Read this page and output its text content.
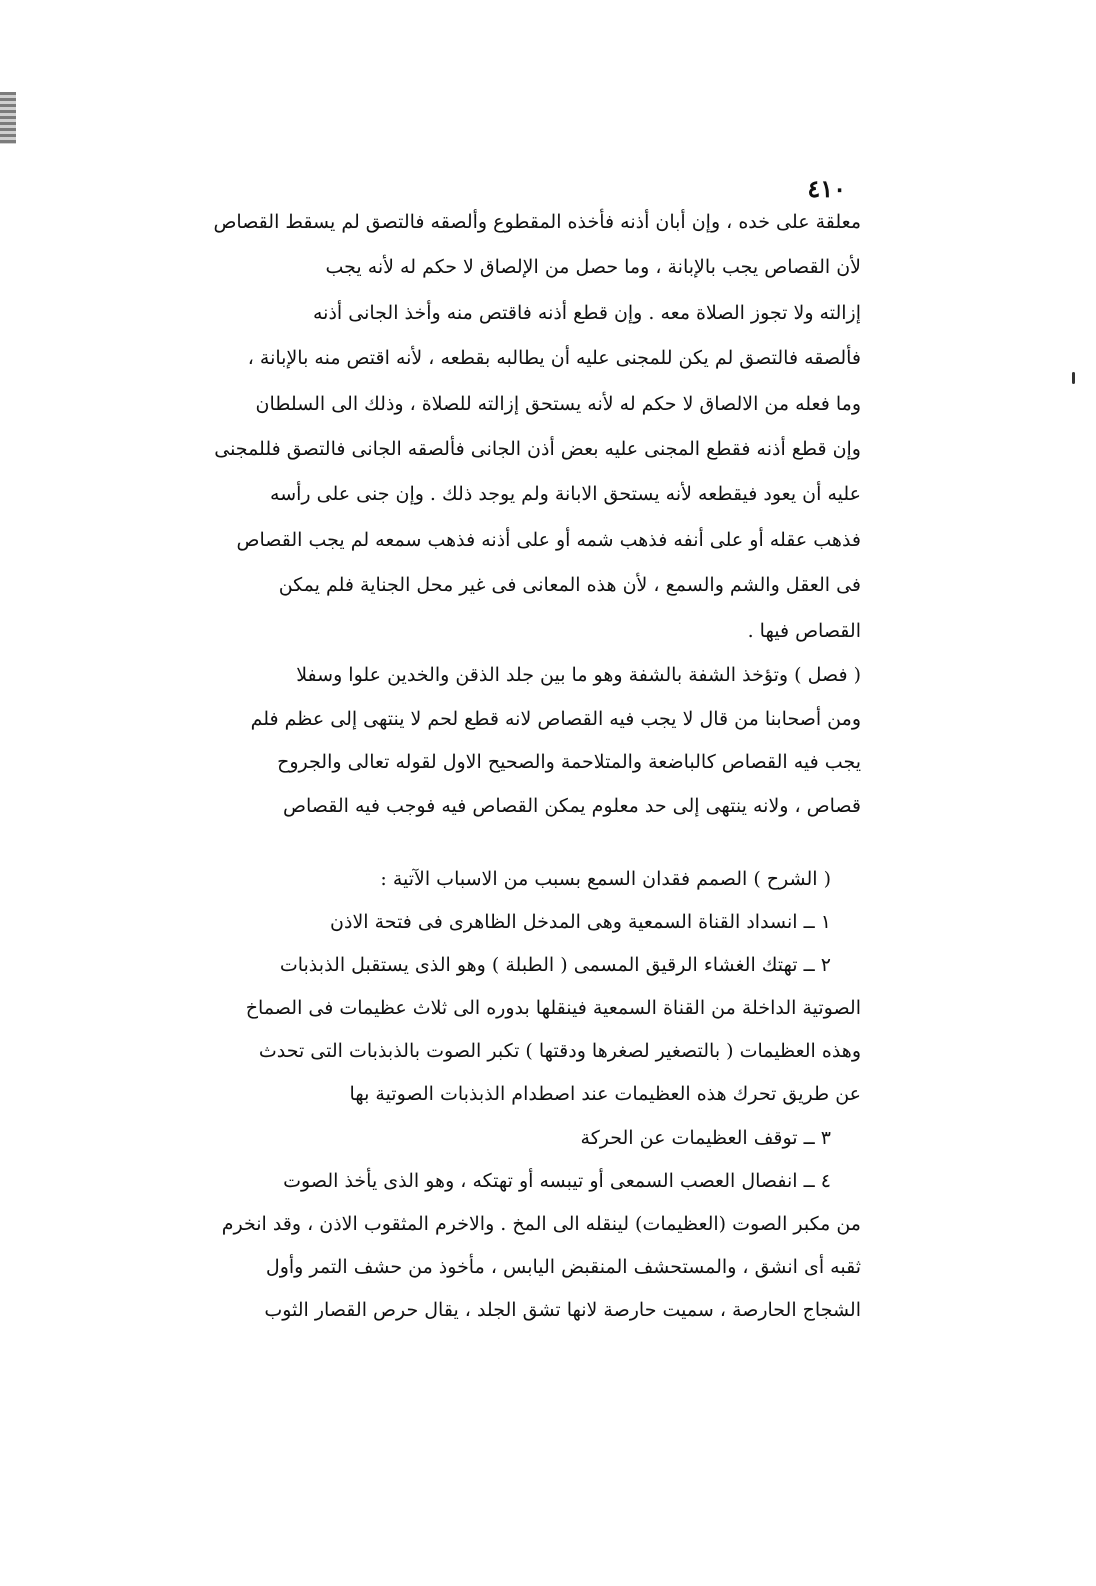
٤١٠
معلقة على خده ، وإن أبان أذنه فأخذه المقطوع وألصقه فالتصق لم يسقط القصاص
لأن القصاص يجب بالإبانة ، وما حصل من الإلصاق لا حكم له لأنه يجب
إزالته ولا تجوز الصلاة معه . وإن قطع أذنه فاقتص منه وأخذ الجانى أذنه
فألصقه فالتصق لم يكن للمجنى عليه أن يطالبه بقطعه ، لأنه اقتص منه بالإبانة ،
وما فعله من الالصاق لا حكم له لأنه يستحق إزالته للصلاة ، وذلك الى السلطان
وإن قطع أذنه فقطع المجنى عليه بعض أذن الجانى فألصقه الجانى فالتصق فللمجنى
عليه أن يعود فيقطعه لأنه يستحق الابانة ولم يوجد ذلك . وإن جنى على رأسه
فذهب عقله أو على أنفه فذهب شمه أو على أذنه فذهب سمعه لم يجب القصاص
فى العقل والشم والسمع ، لأن هذه المعانى فى غير محل الجناية فلم يمكن
القصاص فيها .
( فصل ) وتؤخذ الشفة بالشفة وهو ما بين جلد الذقن والخدين علوا وسفلا
ومن أصحابنا من قال لا يجب فيه القصاص لانه قطع لحم لا ينتهى إلى عظم فلم
يجب فيه القصاص كالباضعة والمتلاحمة والصحيح الاول لقوله تعالى والجروح
قصاص ، ولانه ينتهى إلى حد معلوم يمكن القصاص فيه فوجب فيه القصاص
( الشرح ) الصمم فقدان السمع بسبب من الاسباب الآتية :
١ ــ انسداد القناة السمعية وهى المدخل الظاهرى فى فتحة الاذن
٢ ــ تهتك الغشاء الرقيق المسمى ( الطبلة ) وهو الذى يستقبل الذبذبات
الصوتية الداخلة من القناة السمعية فينقلها بدوره الى ثلاث عظيمات فى الصماخ
وهذه العظيمات ( بالتصغير لصغرها ودقتها ) تكبر الصوت بالذبذبات التى تحدث
عن طريق تحرك هذه العظيمات عند اصطدام الذبذبات الصوتية بها
٣ ــ توقف العظيمات عن الحركة
٤ ــ انفصال العصب السمعى أو تيبسه أو تهتكه ، وهو الذى يأخذ الصوت
من مكبر الصوت (العظيمات) لينقله الى المخ . والاخرم المثقوب الاذن ، وقد انخرم
ثقبه أى انشق ، والمستحشف المنقبض اليابس ، مأخوذ من حشف التمر وأول
الشجاج الحارصة ، سميت حارصة لانها تشق الجلد ، يقال حرص القصار الثوب
